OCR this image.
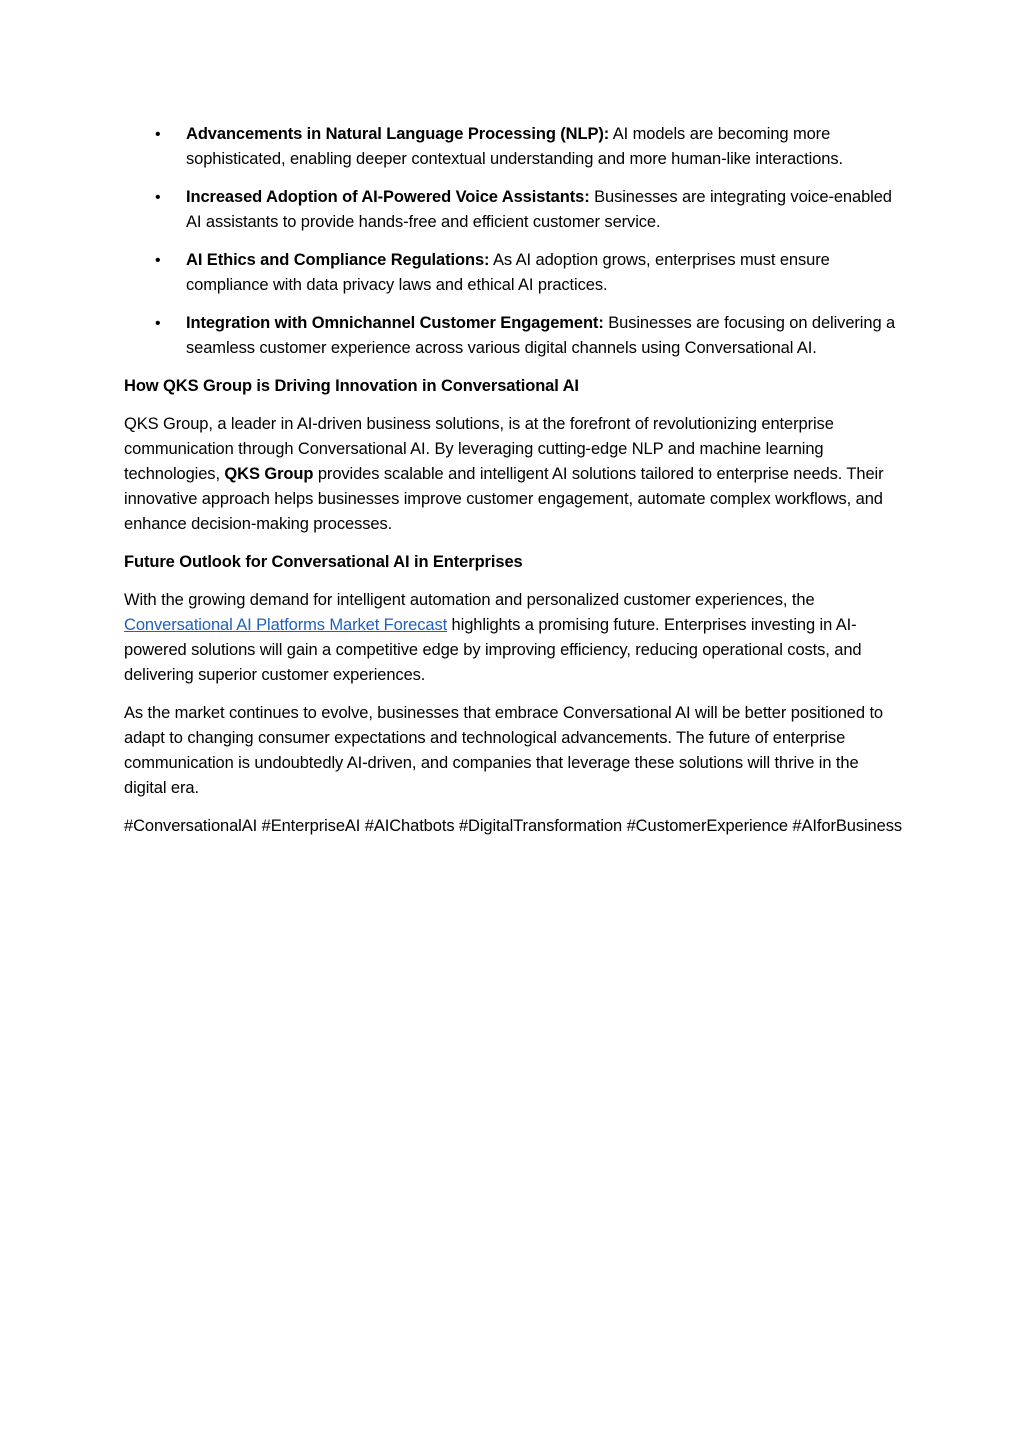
• Advancements in Natural Language Processing (NLP): AI models are becoming more sophisticated, enabling deeper contextual understanding and more human-like interactions.
• Increased Adoption of AI-Powered Voice Assistants: Businesses are integrating voice-enabled AI assistants to provide hands-free and efficient customer service.
• AI Ethics and Compliance Regulations: As AI adoption grows, enterprises must ensure compliance with data privacy laws and ethical AI practices.
• Integration with Omnichannel Customer Engagement: Businesses are focusing on delivering a seamless customer experience across various digital channels using Conversational AI.
How QKS Group is Driving Innovation in Conversational AI

QKS Group, a leader in AI-driven business solutions, is at the forefront of revolutionizing enterprise communication through Conversational AI. By leveraging cutting-edge NLP and machine learning technologies, QKS Group provides scalable and intelligent AI solutions tailored to enterprise needs. Their innovative approach helps businesses improve customer engagement, automate complex workflows, and enhance decision-making processes.

Future Outlook for Conversational AI in Enterprises

With the growing demand for intelligent automation and personalized customer experiences, the Conversational AI Platforms Market Forecast highlights a promising future. Enterprises investing in AI-powered solutions will gain a competitive edge by improving efficiency, reducing operational costs, and delivering superior customer experiences.

As the market continues to evolve, businesses that embrace Conversational AI will be better positioned to adapt to changing consumer expectations and technological advancements. The future of enterprise communication is undoubtedly AI-driven, and companies that leverage these solutions will thrive in the digital era.

#ConversationalAI #EnterpriseAI #AIChatbots #DigitalTransformation #CustomerExperience #AIforBusiness
